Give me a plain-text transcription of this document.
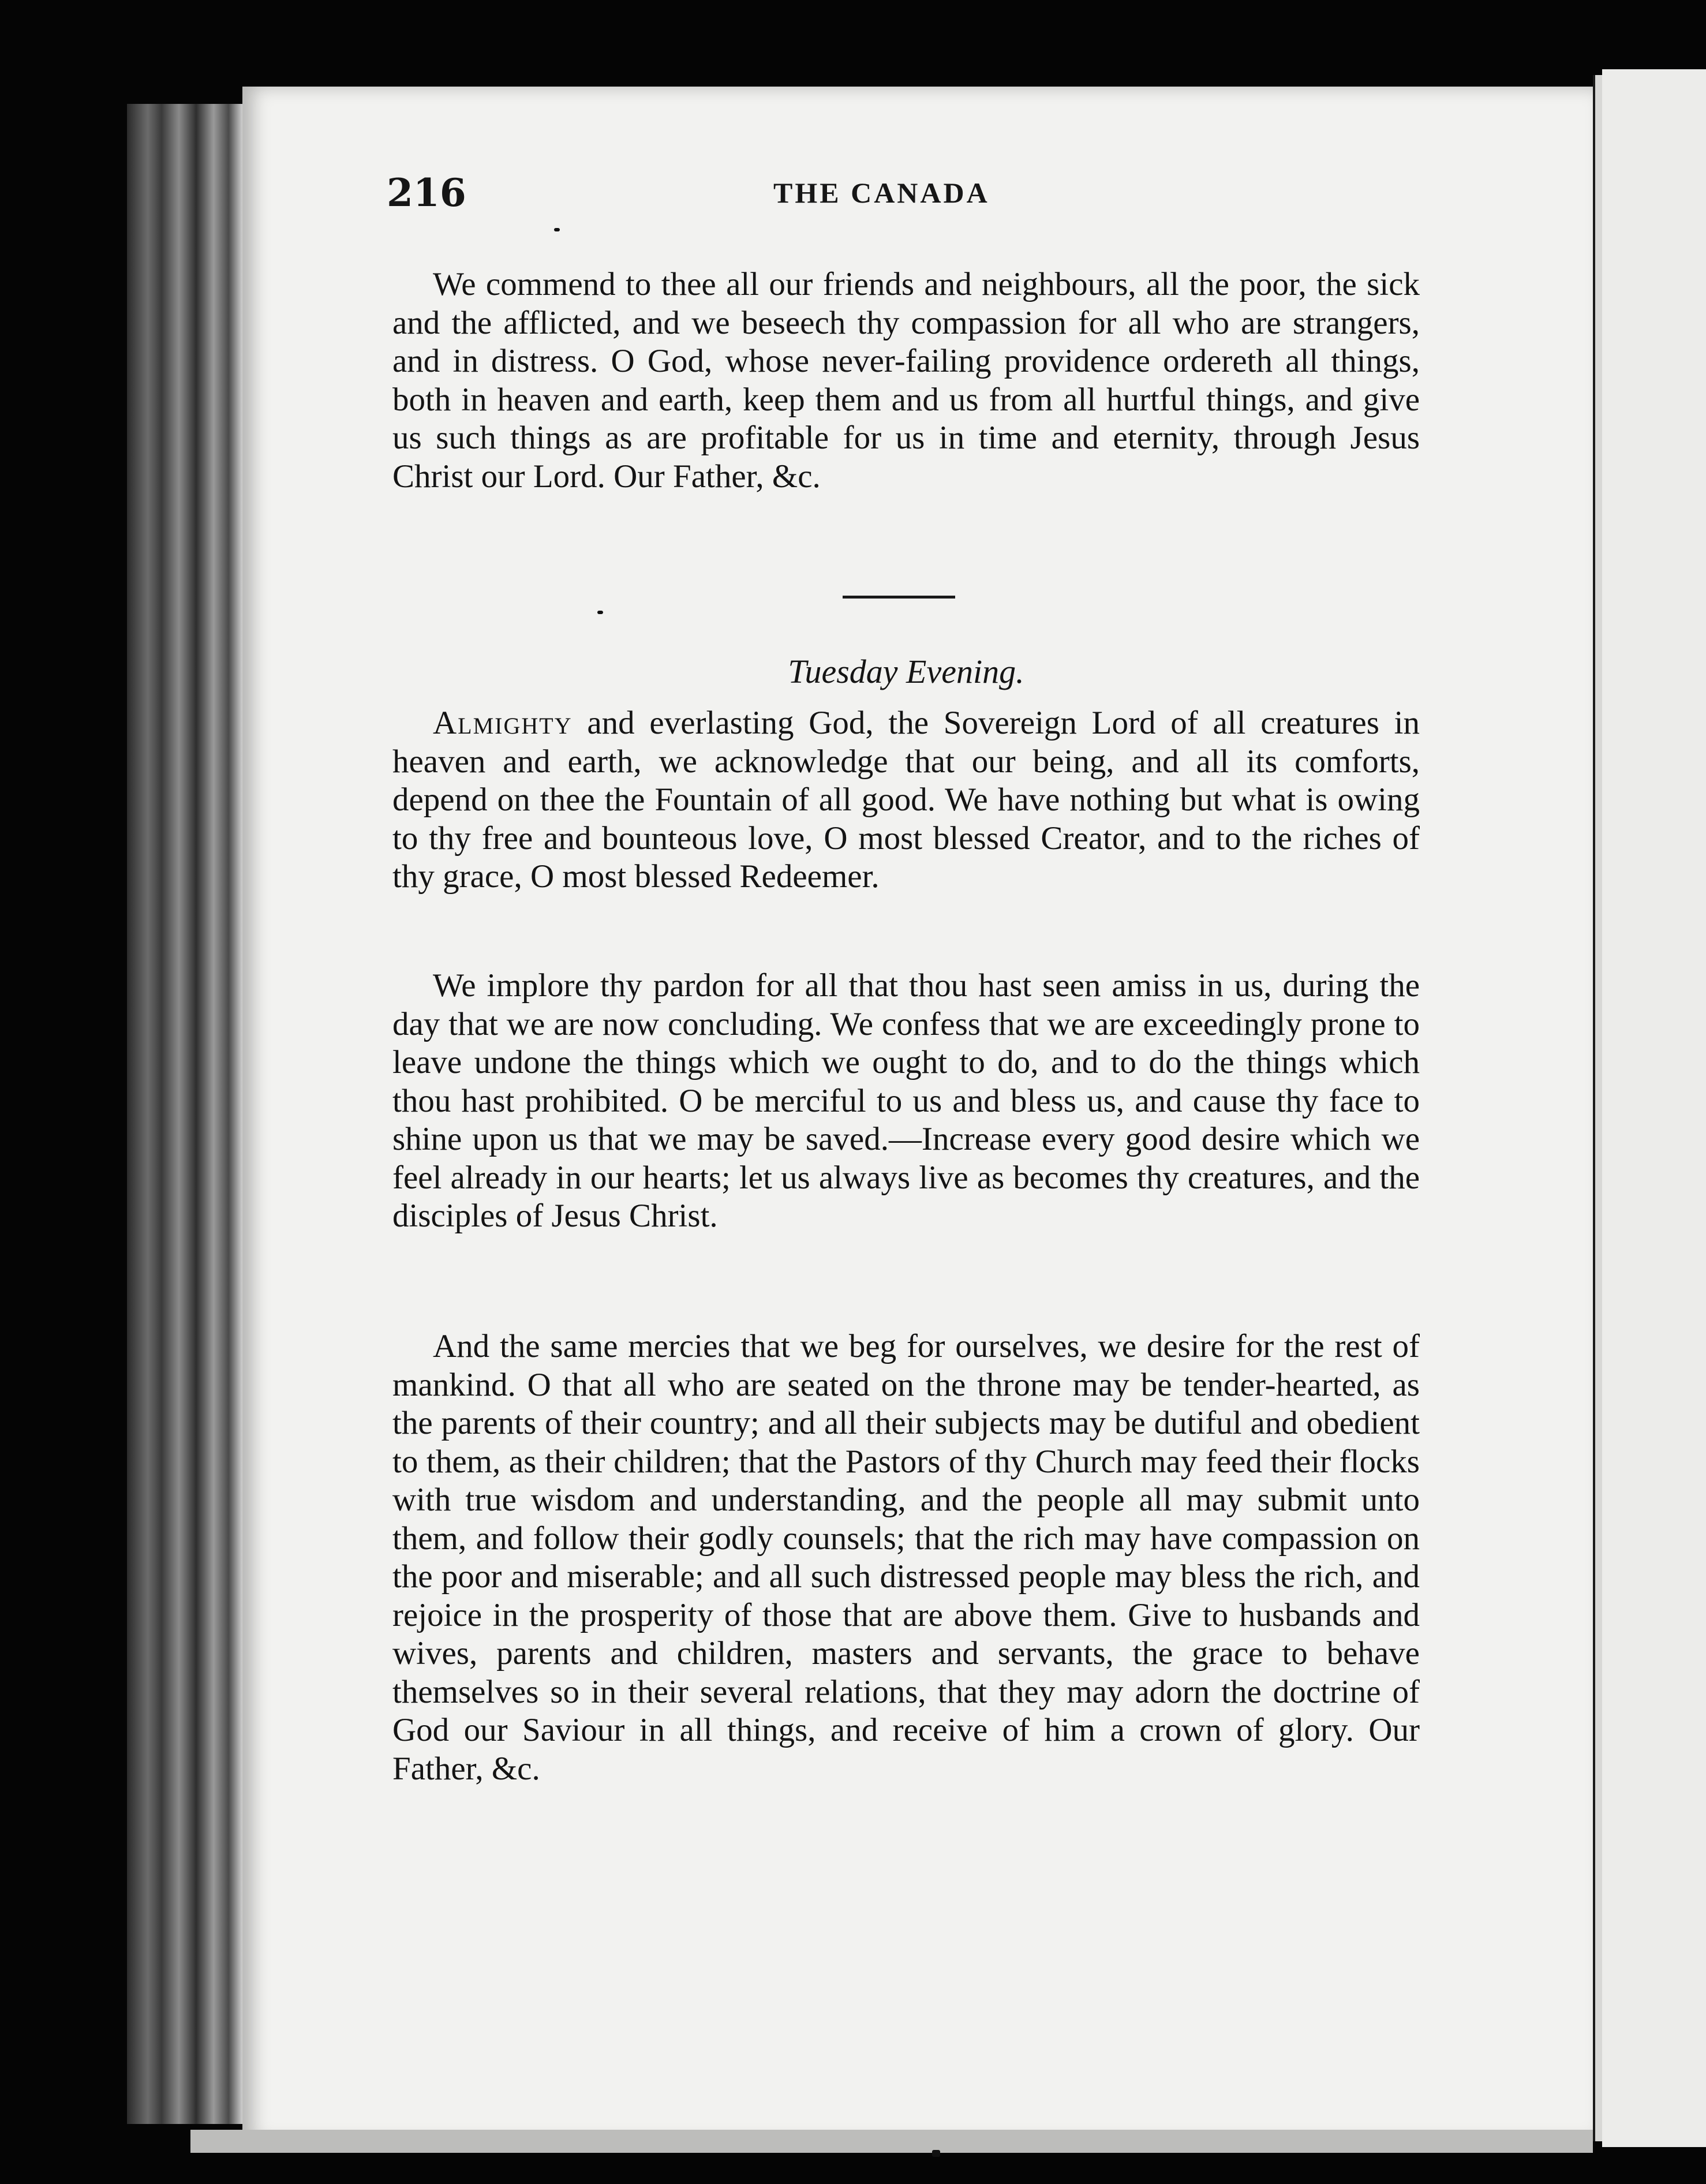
216	THE CANADA
We commend to thee all our friends and neighbours, all the poor, the sick and the afflicted, and we beseech thy compassion for all who are strangers, and in distress. O God, whose never-failing providence ordereth all things, both in heaven and earth, keep them and us from all hurtful things, and give us such things as are profitable for us in time and eternity, through Jesus Christ our Lord. Our Father, &c.
Tuesday Evening.
Almighty and everlasting God, the Sovereign Lord of all creatures in heaven and earth, we acknowledge that our being, and all its comforts, depend on thee the Fountain of all good. We have nothing but what is owing to thy free and bounteous love, O most blessed Creator, and to the riches of thy grace, O most blessed Redeemer.
We implore thy pardon for all that thou hast seen amiss in us, during the day that we are now concluding. We confess that we are exceedingly prone to leave undone the things which we ought to do, and to do the things which thou hast prohibited. O be merciful to us and bless us, and cause thy face to shine upon us that we may be saved.—Increase every good desire which we feel already in our hearts; let us always live as becomes thy creatures, and the disciples of Jesus Christ.
And the same mercies that we beg for ourselves, we desire for the rest of mankind. O that all who are seated on the throne may be tender-hearted, as the parents of their country; and all their subjects may be dutiful and obedient to them, as their children; that the Pastors of thy Church may feed their flocks with true wisdom and understanding, and the people all may submit unto them, and follow their godly counsels; that the rich may have compassion on the poor and miserable; and all such distressed people may bless the rich, and rejoice in the prosperity of those that are above them. Give to husbands and wives, parents and children, masters and servants, the grace to behave themselves so in their several relations, that they may adorn the doctrine of God our Saviour in all things, and receive of him a crown of glory. Our Father, &c.
